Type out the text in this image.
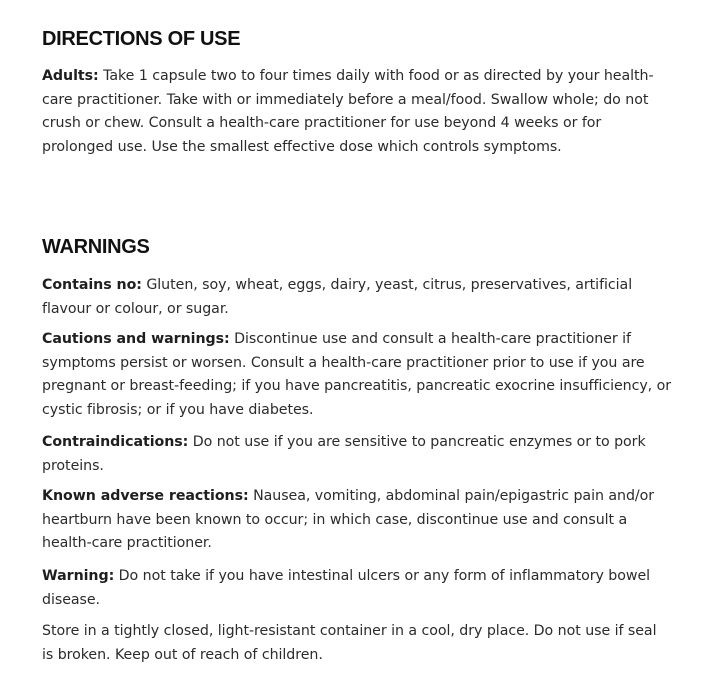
DIRECTIONS OF USE

Adults: Take 1 capsule two to four times daily with food or as directed by your health-care practitioner. Take with or immediately before a meal/food. Swallow whole; do not crush or chew. Consult a health-care practitioner for use beyond 4 weeks or for prolonged use. Use the smallest effective dose which controls symptoms.

WARNINGS

Contains no: Gluten, soy, wheat, eggs, dairy, yeast, citrus, preservatives, artificial flavour or colour, or sugar.

Cautions and warnings: Discontinue use and consult a health-care practitioner if symptoms persist or worsen. Consult a health-care practitioner prior to use if you are pregnant or breast-feeding; if you have pancreatitis, pancreatic exocrine insufficiency, or cystic fibrosis; or if you have diabetes.

Contraindications: Do not use if you are sensitive to pancreatic enzymes or to pork proteins.

Known adverse reactions: Nausea, vomiting, abdominal pain/epigastric pain and/or heartburn have been known to occur; in which case, discontinue use and consult a health-care practitioner.

Warning: Do not take if you have intestinal ulcers or any form of inflammatory bowel disease.

Store in a tightly closed, light-resistant container in a cool, dry place. Do not use if seal is broken. Keep out of reach of children.
